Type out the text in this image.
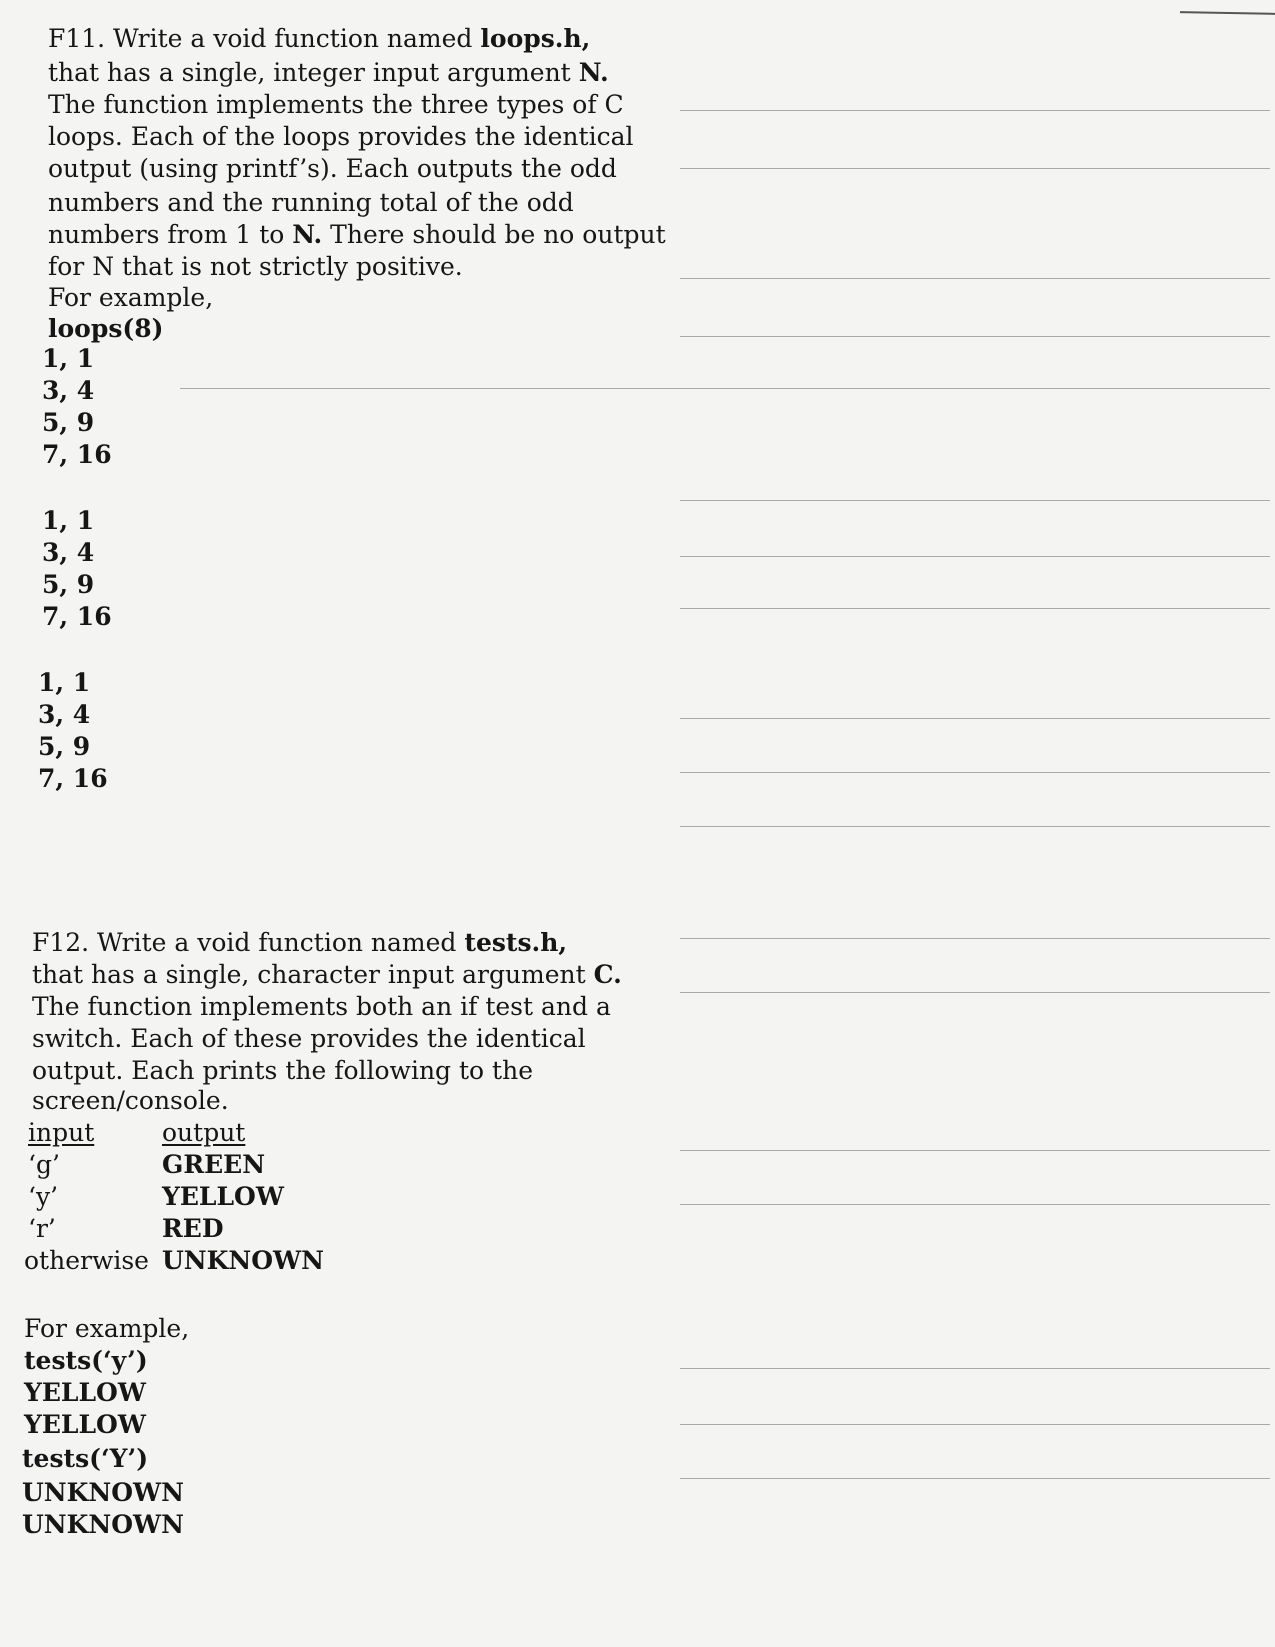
F11. Write a void function named loops.h,
that has a single, integer input argument N.
The function implements the three types of C
loops. Each of the loops provides the identical
output (using printf’s). Each outputs the odd
numbers and the running total of the odd
numbers from 1 to N. There should be no output
for N that is not strictly positive.
For example,
loops(8)
1, 1
3, 4
5, 9
7, 16
1, 1
3, 4
5, 9
7, 16
1, 1
3, 4
5, 9
7, 16
F12. Write a void function named tests.h,
that has a single, character input argument C.
The function implements both an if test and a
switch. Each of these provides the identical
output. Each prints the following to the
screen/console.
input	output
‘g’	GREEN
‘y’	YELLOW
‘r’	RED
otherwise UNKNOWN
For example,
tests(‘y’)
YELLOW
YELLOW
tests(‘Y’)
UNKNOWN
UNKNOWN
